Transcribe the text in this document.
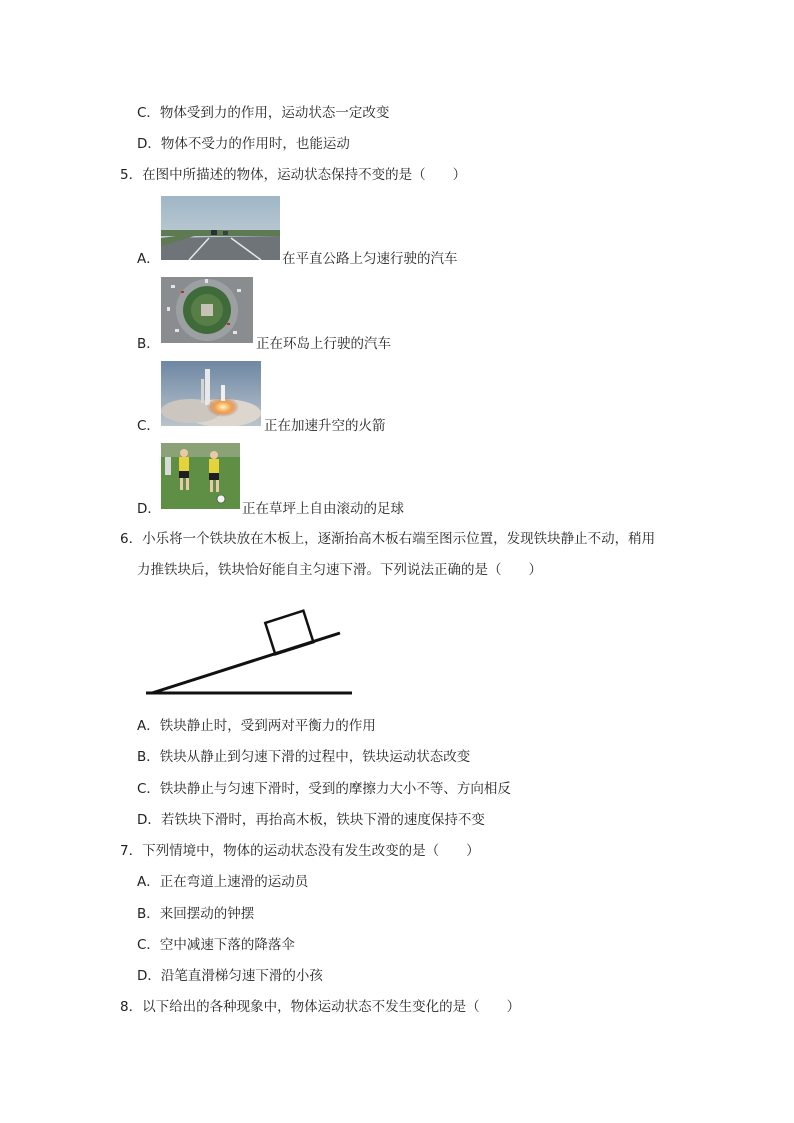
C．物体受到力的作用，运动状态一定改变
D．物体不受力的作用时，也能运动
5．在图中所描述的物体，运动状态保持不变的是（　　）
A．	在平直公路上匀速行驶的汽车
B．	正在环岛上行驶的汽车
C．	正在加速升空的火箭
D．	正在草坪上自由滚动的足球
6．小乐将一个铁块放在木板上，逐渐抬高木板右端至图示位置，发现铁块静止不动，稍用
力推铁块后，铁块恰好能自主匀速下滑。下列说法正确的是（　　）
A．铁块静止时，受到两对平衡力的作用
B．铁块从静止到匀速下滑的过程中，铁块运动状态改变
C．铁块静止与匀速下滑时，受到的摩擦力大小不等、方向相反
D．若铁块下滑时，再抬高木板，铁块下滑的速度保持不变
7．下列情境中，物体的运动状态没有发生改变的是（　　）
A．正在弯道上速滑的运动员
B．来回摆动的钟摆
C．空中减速下落的降落伞
D．沿笔直滑梯匀速下滑的小孩
8．以下给出的各种现象中，物体运动状态不发生变化的是（　　）
